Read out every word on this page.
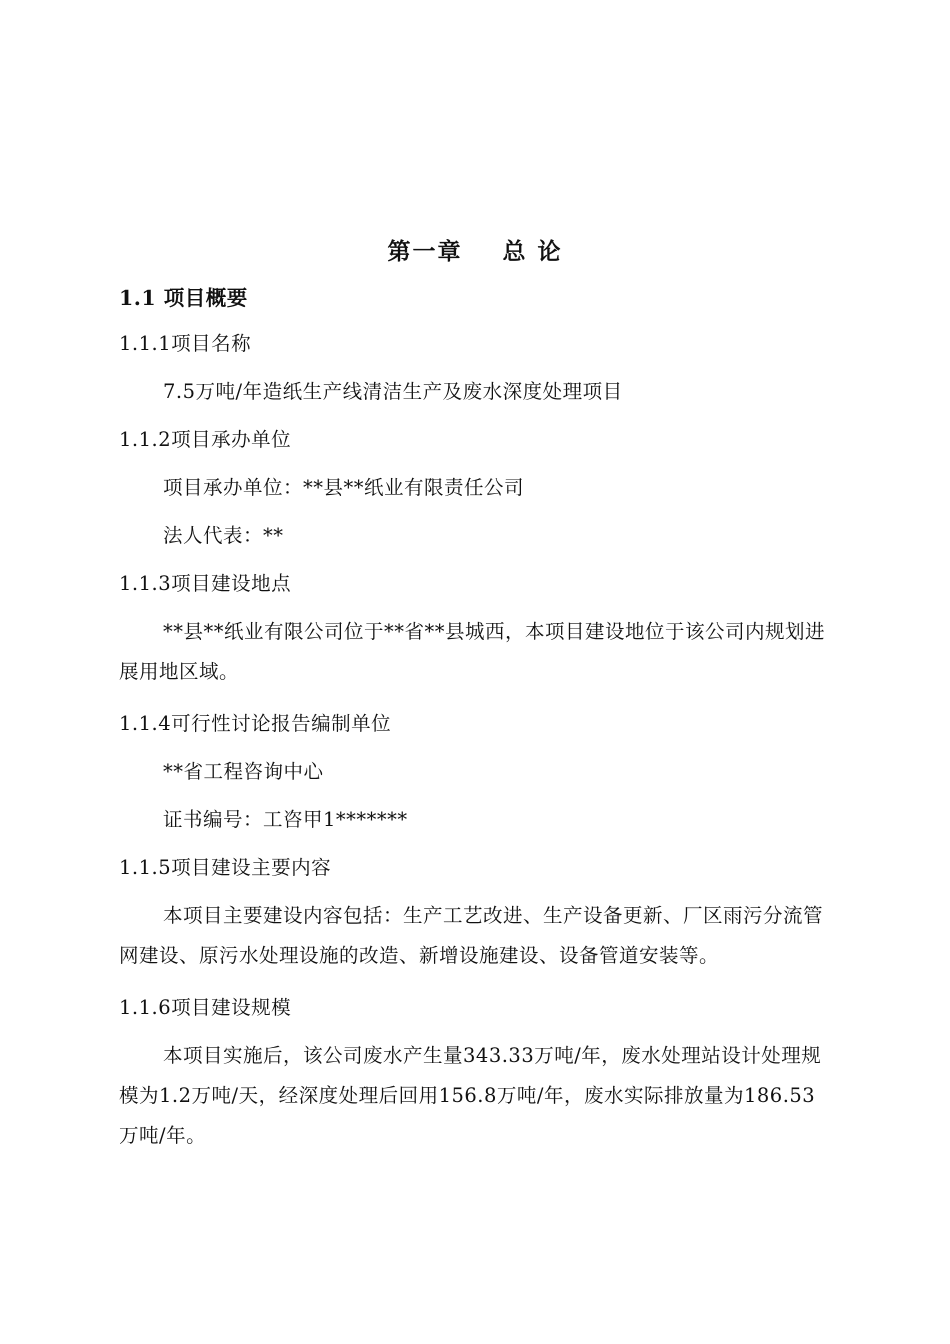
第一章    总 论

1.1 项目概要

1.1.1项目名称

7.5万吨/年造纸生产线清洁生产及废水深度处理项目

1.1.2项目承办单位

项目承办单位：**县**纸业有限责任公司

法人代表：**

1.1.3项目建设地点

**县**纸业有限公司位于**省**县城西，本项目建设地位于该公司内规划进展用地区域。

1.1.4可行性讨论报告编制单位

**省工程咨询中心

证书编号：工咨甲1*******

1.1.5项目建设主要内容

本项目主要建设内容包括：生产工艺改进、生产设备更新、厂区雨污分流管网建设、原污水处理设施的改造、新增设施建设、设备管道安装等。

1.1.6项目建设规模

本项目实施后，该公司废水产生量343.33万吨/年，废水处理站设计处理规模为1.2万吨/天，经深度处理后回用156.8万吨/年，废水实际排放量为186.53万吨/年。
